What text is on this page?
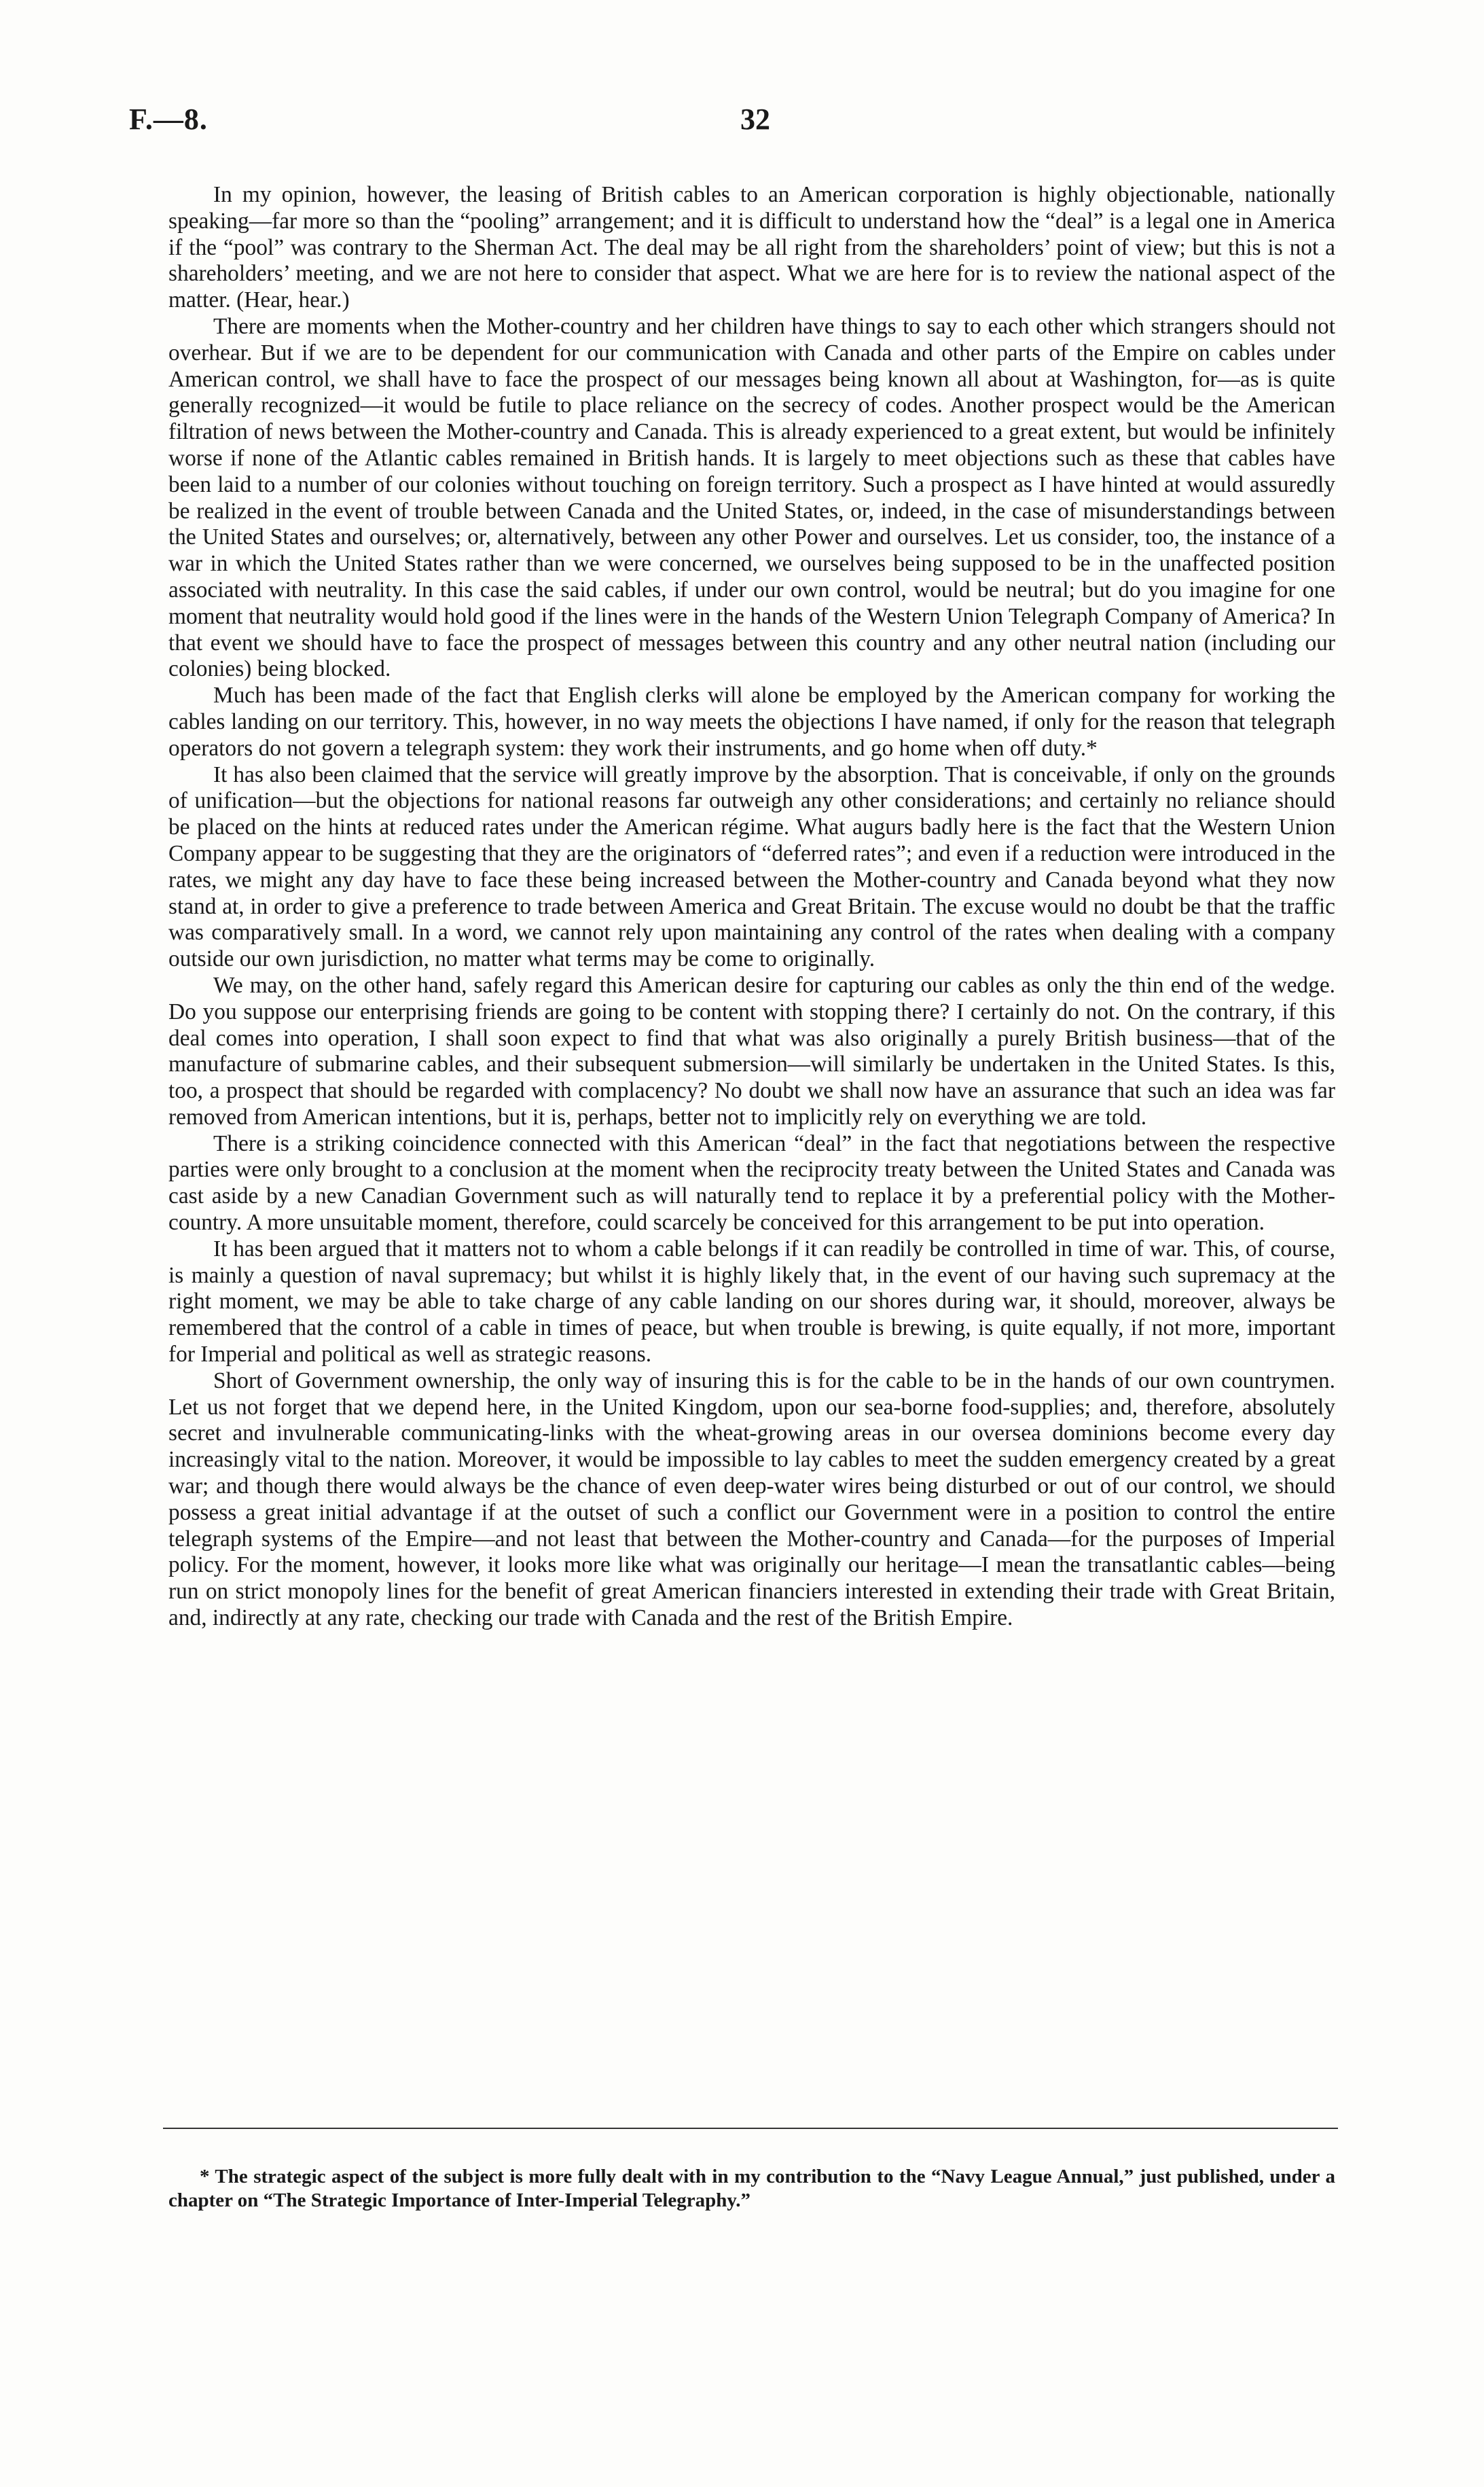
F.—8.	32

In my opinion, however, the leasing of British cables to an American corporation is highly objectionable, nationally speaking—far more so than the “pooling” arrangement; and it is difficult to understand how the “deal” is a legal one in America if the “pool” was contrary to the Sherman Act. The deal may be all right from the shareholders’ point of view; but this is not a shareholders’ meeting, and we are not here to consider that aspect. What we are here for is to review the national aspect of the matter. (Hear, hear.)

There are moments when the Mother-country and her children have things to say to each other which strangers should not overhear. But if we are to be dependent for our communication with Canada and other parts of the Empire on cables under American control, we shall have to face the prospect of our messages being known all about at Washington, for—as is quite generally recognized—it would be futile to place reliance on the secrecy of codes. Another prospect would be the American filtration of news between the Mother-country and Canada. This is already experienced to a great extent, but would be infinitely worse if none of the Atlantic cables remained in British hands. It is largely to meet objections such as these that cables have been laid to a number of our colonies without touching on foreign territory. Such a prospect as I have hinted at would assuredly be realized in the event of trouble between Canada and the United States, or, indeed, in the case of misunderstandings between the United States and ourselves; or, alternatively, between any other Power and ourselves. Let us consider, too, the instance of a war in which the United States rather than we were concerned, we ourselves being supposed to be in the unaffected position associated with neutrality. In this case the said cables, if under our own control, would be neutral; but do you imagine for one moment that neutrality would hold good if the lines were in the hands of the Western Union Telegraph Company of America? In that event we should have to face the prospect of messages between this country and any other neutral nation (including our colonies) being blocked.

Much has been made of the fact that English clerks will alone be employed by the American company for working the cables landing on our territory. This, however, in no way meets the objections I have named, if only for the reason that telegraph operators do not govern a telegraph system: they work their instruments, and go home when off duty.*

It has also been claimed that the service will greatly improve by the absorption. That is conceivable, if only on the grounds of unification—but the objections for national reasons far outweigh any other considerations; and certainly no reliance should be placed on the hints at reduced rates under the American régime. What augurs badly here is the fact that the Western Union Company appear to be suggesting that they are the originators of “deferred rates”; and even if a reduction were introduced in the rates, we might any day have to face these being increased between the Mother-country and Canada beyond what they now stand at, in order to give a preference to trade between America and Great Britain. The excuse would no doubt be that the traffic was comparatively small. In a word, we cannot rely upon maintaining any control of the rates when dealing with a company outside our own jurisdiction, no matter what terms may be come to originally.

We may, on the other hand, safely regard this American desire for capturing our cables as only the thin end of the wedge. Do you suppose our enterprising friends are going to be content with stopping there? I certainly do not. On the contrary, if this deal comes into operation, I shall soon expect to find that what was also originally a purely British business—that of the manufacture of submarine cables, and their subsequent submersion—will similarly be undertaken in the United States. Is this, too, a prospect that should be regarded with complacency? No doubt we shall now have an assurance that such an idea was far removed from American intentions, but it is, perhaps, better not to implicitly rely on everything we are told.

There is a striking coincidence connected with this American “deal” in the fact that negotiations between the respective parties were only brought to a conclusion at the moment when the reciprocity treaty between the United States and Canada was cast aside by a new Canadian Government such as will naturally tend to replace it by a preferential policy with the Mother-country. A more unsuitable moment, therefore, could scarcely be conceived for this arrangement to be put into operation.

It has been argued that it matters not to whom a cable belongs if it can readily be controlled in time of war. This, of course, is mainly a question of naval supremacy; but whilst it is highly likely that, in the event of our having such supremacy at the right moment, we may be able to take charge of any cable landing on our shores during war, it should, moreover, always be remembered that the control of a cable in times of peace, but when trouble is brewing, is quite equally, if not more, important for Imperial and political as well as strategic reasons.

Short of Government ownership, the only way of insuring this is for the cable to be in the hands of our own countrymen. Let us not forget that we depend here, in the United Kingdom, upon our sea-borne food-supplies; and, therefore, absolutely secret and invulnerable communicating-links with the wheat-growing areas in our oversea dominions become every day increasingly vital to the nation. Moreover, it would be impossible to lay cables to meet the sudden emergency created by a great war; and though there would always be the chance of even deep-water wires being disturbed or out of our control, we should possess a great initial advantage if at the outset of such a conflict our Government were in a position to control the entire telegraph systems of the Empire—and not least that between the Mother-country and Canada—for the purposes of Imperial policy. For the moment, however, it looks more like what was originally our heritage—I mean the transatlantic cables—being run on strict monopoly lines for the benefit of great American financiers interested in extending their trade with Great Britain, and, indirectly at any rate, checking our trade with Canada and the rest of the British Empire.

* The strategic aspect of the subject is more fully dealt with in my contribution to the “Navy League Annual,” just published, under a chapter on “The Strategic Importance of Inter-Imperial Telegraphy.”
